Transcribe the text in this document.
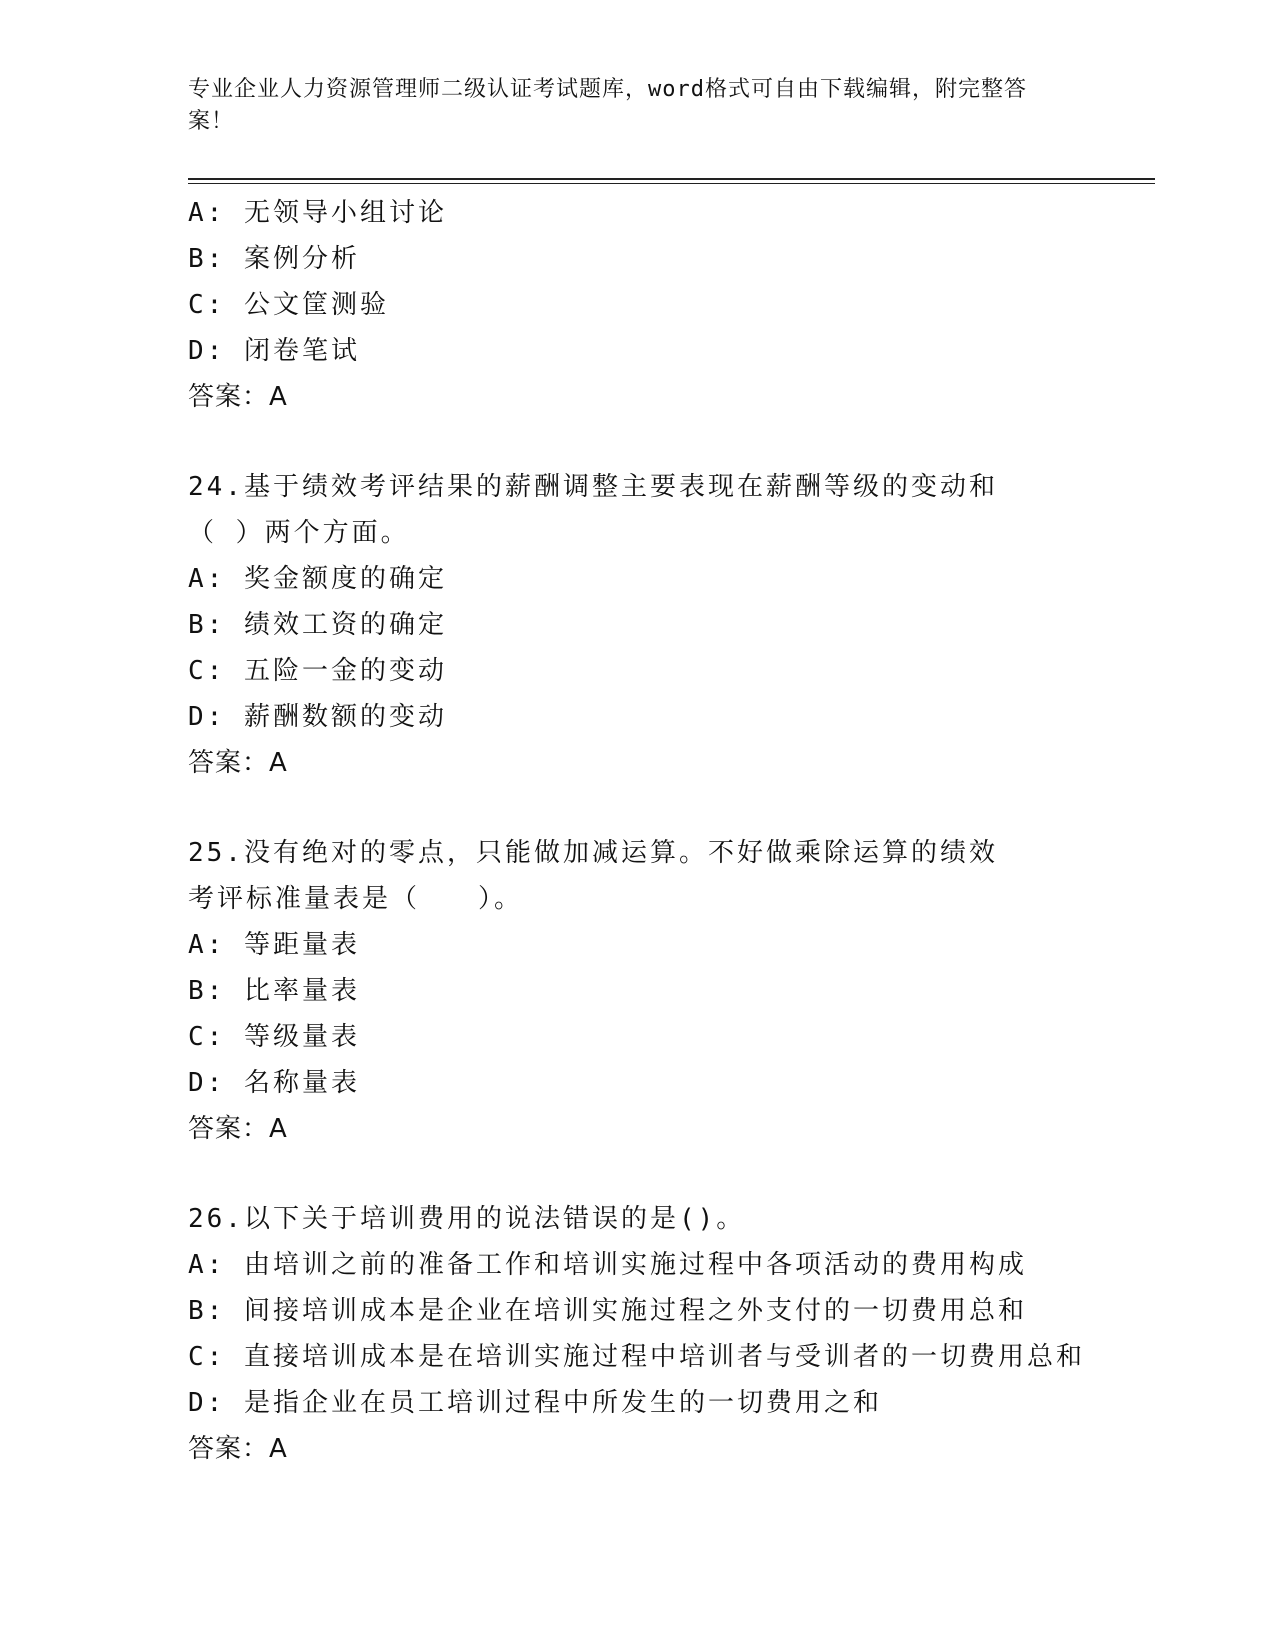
专业企业人力资源管理师二级认证考试题库，word格式可自由下载编辑，附完整答案！
A: 无领导小组讨论
B: 案例分析
C: 公文筐测验
D: 闭卷笔试
答案：A
24.基于绩效考评结果的薪酬调整主要表现在薪酬等级的变动和（ ）两个方面。
A: 奖金额度的确定
B: 绩效工资的确定
C: 五险一金的变动
D: 薪酬数额的变动
答案：A
25.没有绝对的零点，只能做加减运算。不好做乘除运算的绩效考评标准量表是（　　）。
A: 等距量表
B: 比率量表
C: 等级量表
D: 名称量表
答案：A
26.以下关于培训费用的说法错误的是()。
A: 由培训之前的准备工作和培训实施过程中各项活动的费用构成
B: 间接培训成本是企业在培训实施过程之外支付的一切费用总和
C: 直接培训成本是在培训实施过程中培训者与受训者的一切费用总和
D: 是指企业在员工培训过程中所发生的一切费用之和
答案：A
